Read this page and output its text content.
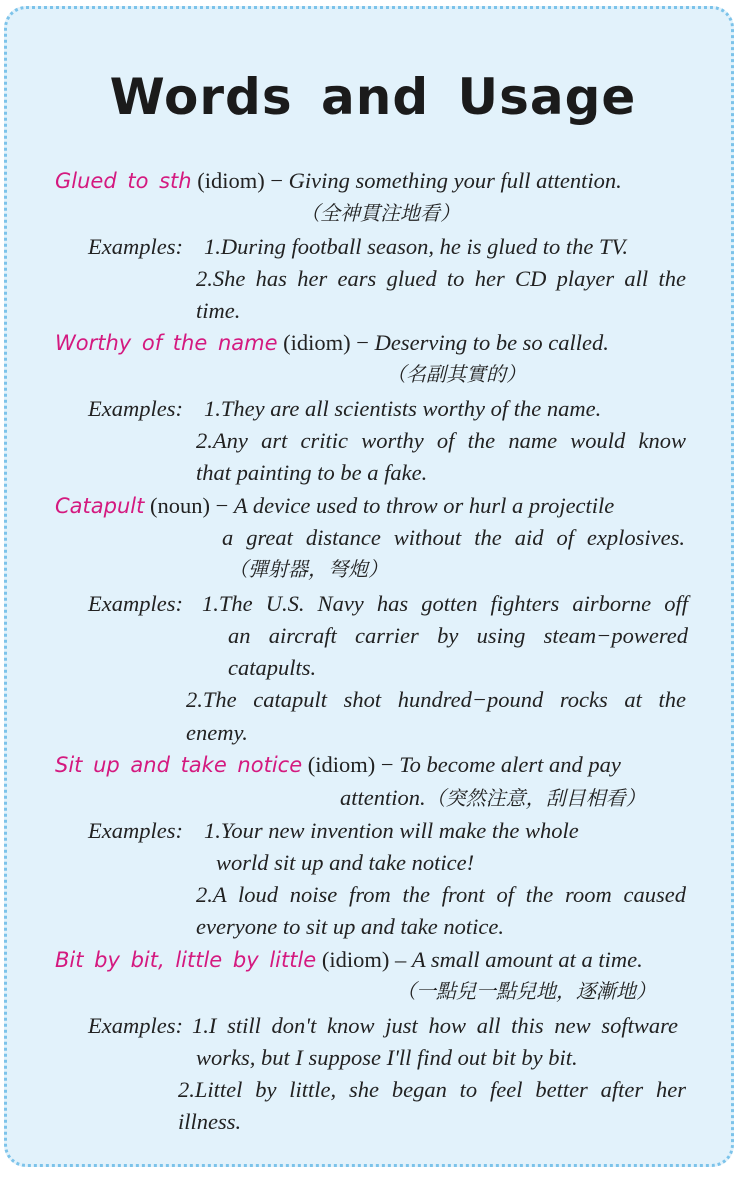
Words and Usage
Glued to sth (idiom) − Giving something your full attention.
（全神貫注地看）
Examples: 1.During football season, he is glued to the TV.
2.She has her ears glued to her CD player all the
time.
Worthy of the name (idiom) − Deserving to be so called.
（名副其實的）
Examples: 1.They are all scientists worthy of the name.
2.Any art critic worthy of the name would know
that painting to be a fake.
Catapult (noun) − A device used to throw or hurl a projectile
a great distance without the aid of explosives.
（彈射器，弩炮）
Examples: 1.The U.S. Navy has gotten fighters airborne off
an aircraft carrier by using steam−powered
catapults.
2.The catapult shot hundred−pound rocks at the
enemy.
Sit up and take notice (idiom) − To become alert and pay
attention.（突然注意，刮目相看）
Examples: 1.Your new invention will make the whole
world sit up and take notice!
2.A loud noise from the front of the room caused
everyone to sit up and take notice.
Bit by bit, little by little (idiom) – A small amount at a time.
（一點兒一點兒地，逐漸地）
Examples: 1.I still don't know just how all this new software
works, but I suppose I'll find out bit by bit.
2.Littel by little, she began to feel better after her
illness.
